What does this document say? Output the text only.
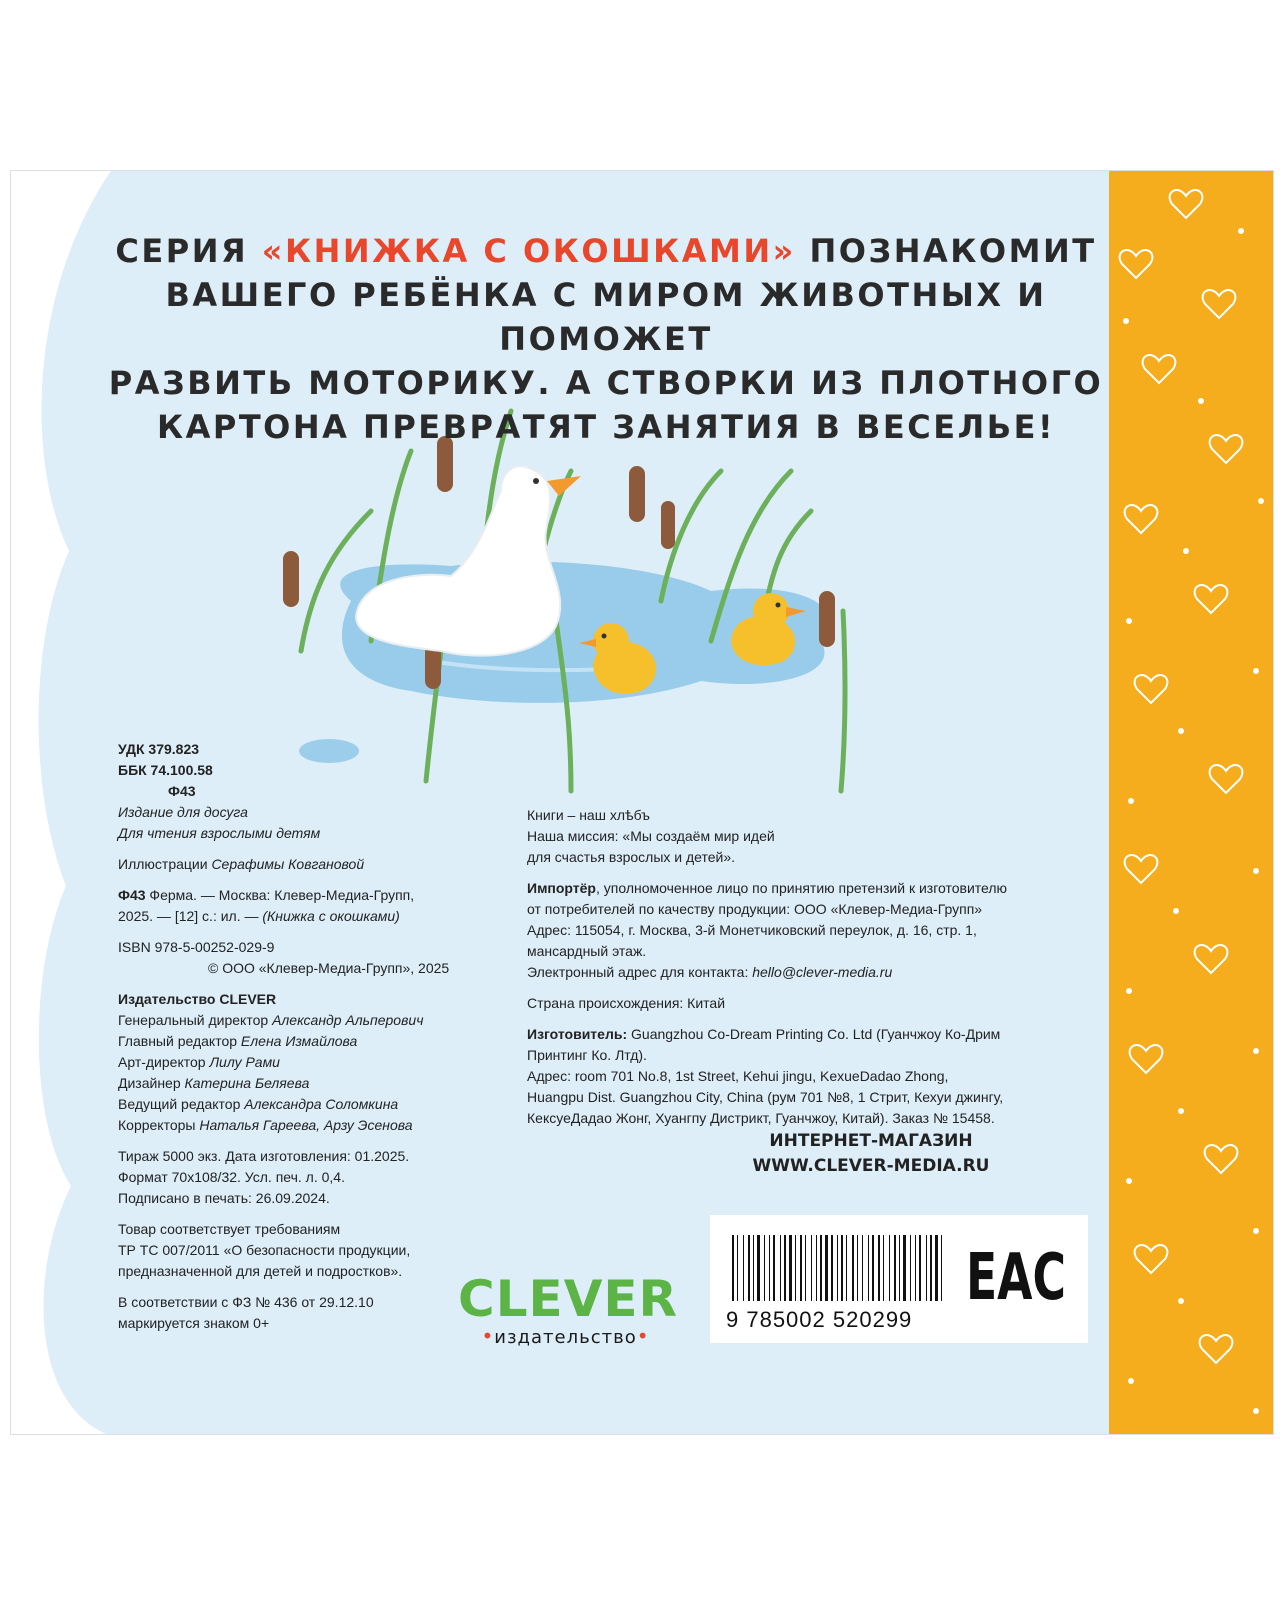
СЕРИЯ «КНИЖКА С ОКОШКАМИ» ПОЗНАКОМИТ
ВАШЕГО РЕБЁНКА С МИРОМ ЖИВОТНЫХ И ПОМОЖЕТ
РАЗВИТЬ МОТОРИКУ. А СТВОРКИ ИЗ ПЛОТНОГО
КАРТОНА ПРЕВРАТЯТ ЗАНЯТИЯ В ВЕСЕЛЬЕ!

УДК 379.823

ББК 74.100.58

Ф43

Издание для досуга

Для чтения взрослыми детям

Иллюстрации Серафимы Ковгановой

Ф43 Ферма. — Москва: Клевер-Медиа-Групп,

2025. — [12] с.: ил. — (Книжка с окошками)

ISBN 978-5-00252-029-9

© ООО «Клевер-Медиа-Групп», 2025

Издательство CLEVER

Генеральный директор Александр Альперович

Главный редактор Елена Измайлова

Арт-директор Лилу Рами

Дизайнер Катерина Беляева

Ведущий редактор Александра Соломкина

Корректоры Наталья Гареева, Арзу Эсенова

Тираж 5000 экз. Дата изготовления: 01.2025.

Формат 70x108/32. Усл. печ. л. 0,4.

Подписано в печать: 26.09.2024.

Товар соответствует требованиям

ТР ТС 007/2011 «О безопасности продукции,

предназначенной для детей и подростков».

В соответствии с ФЗ № 436 от 29.12.10

маркируется знаком 0+

Книги – наш хлѣбъ

Наша миссия: «Мы создаём мир идей

для счастья взрослых и детей».

Импортёр, уполномоченное лицо по принятию претензий к изготовителю

от потребителей по качеству продукции: ООО «Клевер-Медиа-Групп»

Адрес: 115054, г. Москва, 3-й Монетчиковский переулок, д. 16, стр. 1,

мансардный этаж.

Электронный адрес для контакта: hello@clever-media.ru

Страна происхождения: Китай

Изготовитель: Guangzhou Co-Dream Printing Co. Ltd (Гуанчжоу Ко-Дрим

Принтинг Ко. Лтд).

Адрес: room 701 No.8, 1st Street, Kehui jingu, KexueDadao Zhong,

Huangpu Dist. Guangzhou City, China (рум 701 №8, 1 Стрит, Кехуи джингу,

КексуеДадао Жонг, Хуангпу Дистрикт, Гуанчжоу, Китай). Заказ № 15458.

ИНТЕРНЕТ-МАГАЗИН
WWW.CLEVER-MEDIA.RU
9 785002 520299
EAC
CLEVER
•издательство•
